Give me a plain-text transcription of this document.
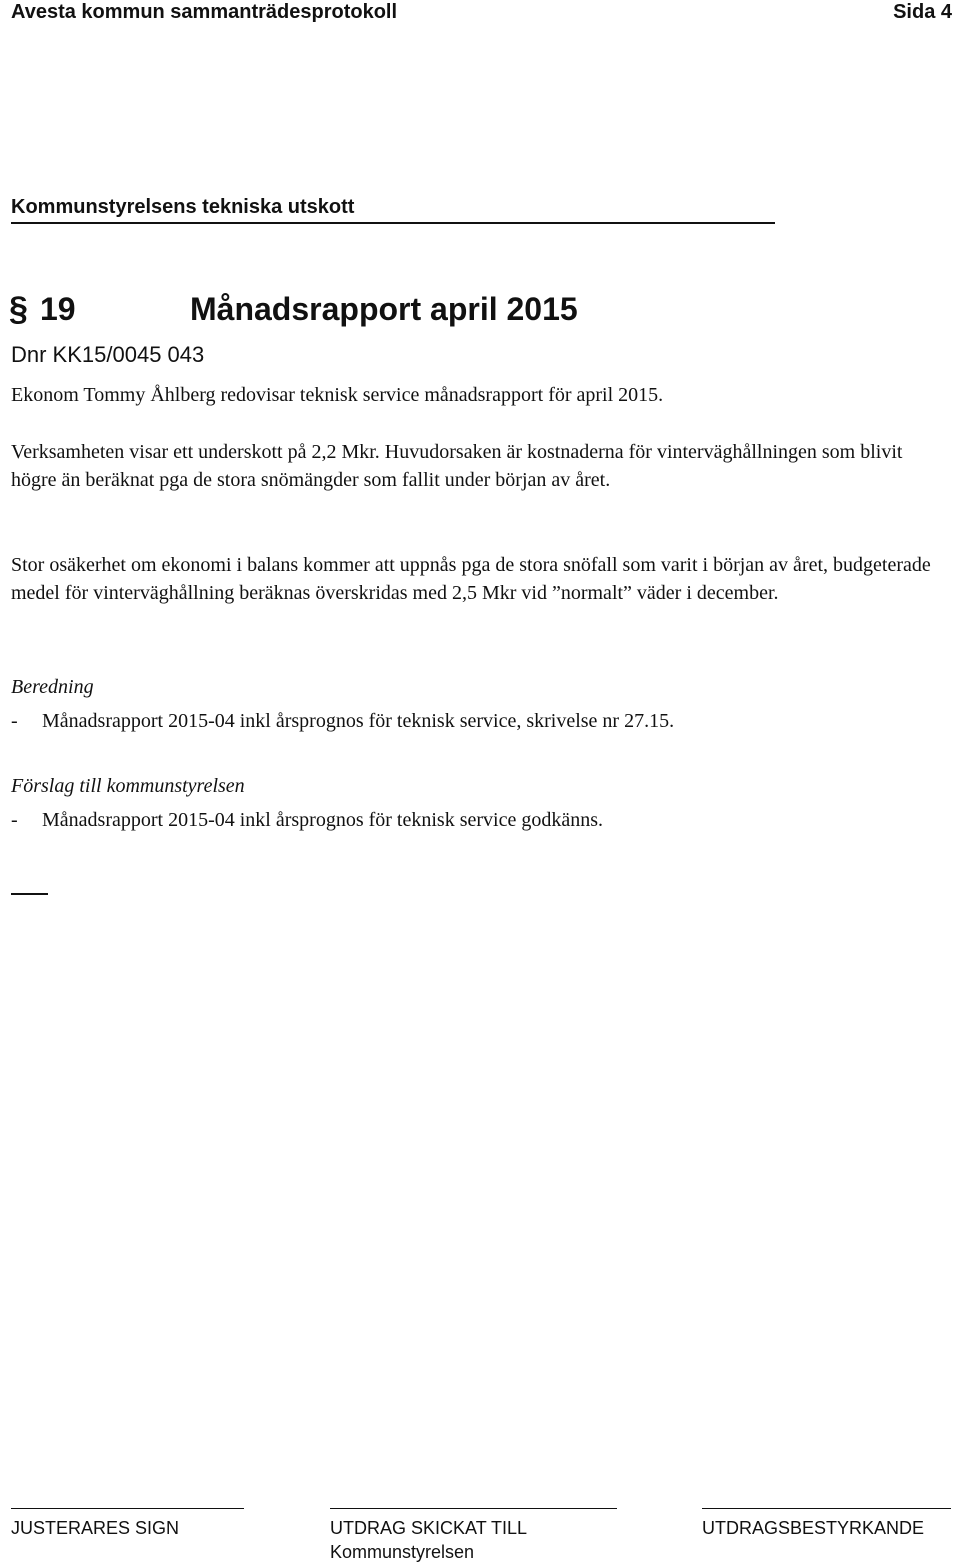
Avesta kommun sammanträdesprotokoll	Sida 4
Kommunstyrelsens tekniska utskott
§ 19	Månadsrapport april 2015
Dnr KK15/0045 043

Ekonom Tommy Åhlberg redovisar teknisk service månadsrapport för april 2015.

Verksamheten visar ett underskott på 2,2 Mkr. Huvudorsaken är kostnaderna för vinterväghållningen som blivit högre än beräknat pga de stora snömängder som fallit under början av året.

Stor osäkerhet om ekonomi i balans kommer att uppnås pga de stora snöfall som varit i början av året, budgeterade medel för vinterväghållning beräknas överskridas med 2,5 Mkr vid ”normalt” väder i december.

Beredning
- Månadsrapport 2015-04 inkl årsprognos för teknisk service, skrivelse nr 27.15.
Förslag till kommunstyrelsen
- Månadsrapport 2015-04 inkl årsprognos för teknisk service godkänns.
JUSTERARES SIGN	UTDRAG SKICKAT TILL	UTDRAGSBESTYRKANDE
Kommunstyrelsen
